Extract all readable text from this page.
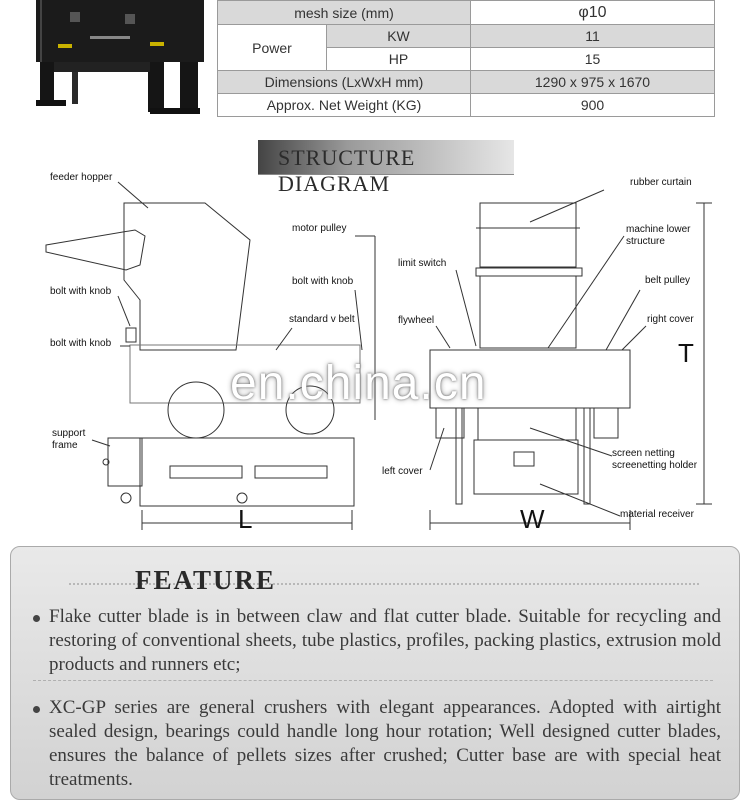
mesh size (mm)		φ10
Power	KW	11
	HP	15
Dimensions (LxWxH mm)		1290 x 975 x 1670
Approx. Net Weight (KG)		900
STRUCTURE DIAGRAM
feeder hopper
bolt with knob
bolt with knob
support
frame
motor pulley
bolt with knob
standard v belt
L
rubber curtain
machine lower
structure
limit switch
belt pulley
flywheel	right cover
left cover
screen netting
screenetting holder
material receiver
W
T
en.china.cn
FEATURE
Flake cutter blade is in between claw and flat cutter blade. Suitable for recycling and restoring of conventional sheets, tube plastics, profiles, packing plastics, extrusion mold products and runners etc;
XC-GP series are general crushers with elegant appearances. Adopted with airtight sealed design, bearings could handle long hour rotation; Well designed cutter blades, ensures the balance of pellets sizes after crushed; Cutter base are with special heat treatments.
